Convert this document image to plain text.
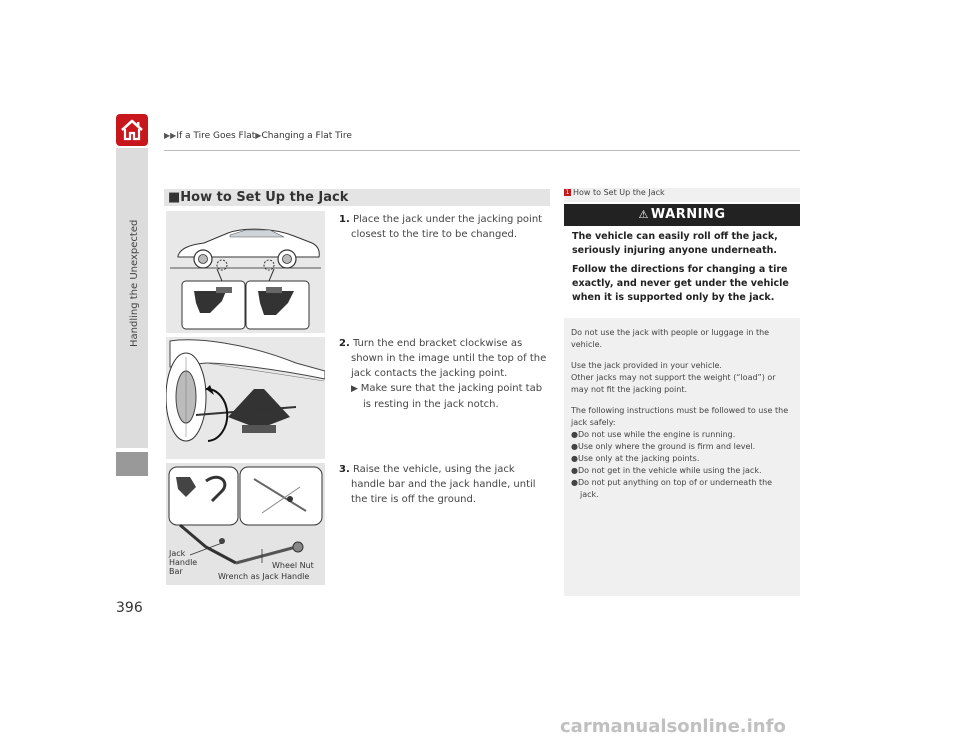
Handling the Unexpected
▶▶If a Tire Goes Flat▶Changing a Flat Tire
■How to Set Up the Jack
Jack
Handle
Bar
Wheel Nut
Wrench as Jack Handle
1. Place the jack under the jacking point closest to the tire to be changed.
2. Turn the end bracket clockwise as shown in the image until the top of the jack contacts the jacking point.
▶ Make sure that the jacking point tab is resting in the jack notch.
3. Raise the vehicle, using the jack handle bar and the jack handle, until the tire is off the ground.
1 How to Set Up the Jack
⚠ WARNING

The vehicle can easily roll off the jack, seriously injuring anyone underneath.

Follow the directions for changing a tire exactly, and never get under the vehicle when it is supported only by the jack.

Do not use the jack with people or luggage in the vehicle.

Use the jack provided in your vehicle.
Other jacks may not support the weight (“load”) or may not fit the jacking point.

The following instructions must be followed to use the jack safely:

●Do not use while the engine is running.
●Use only where the ground is firm and level.
●Use only at the jacking points.
●Do not get in the vehicle while using the jack.
●Do not put anything on top of or underneath the jack.
396
carmanualsonline.info
